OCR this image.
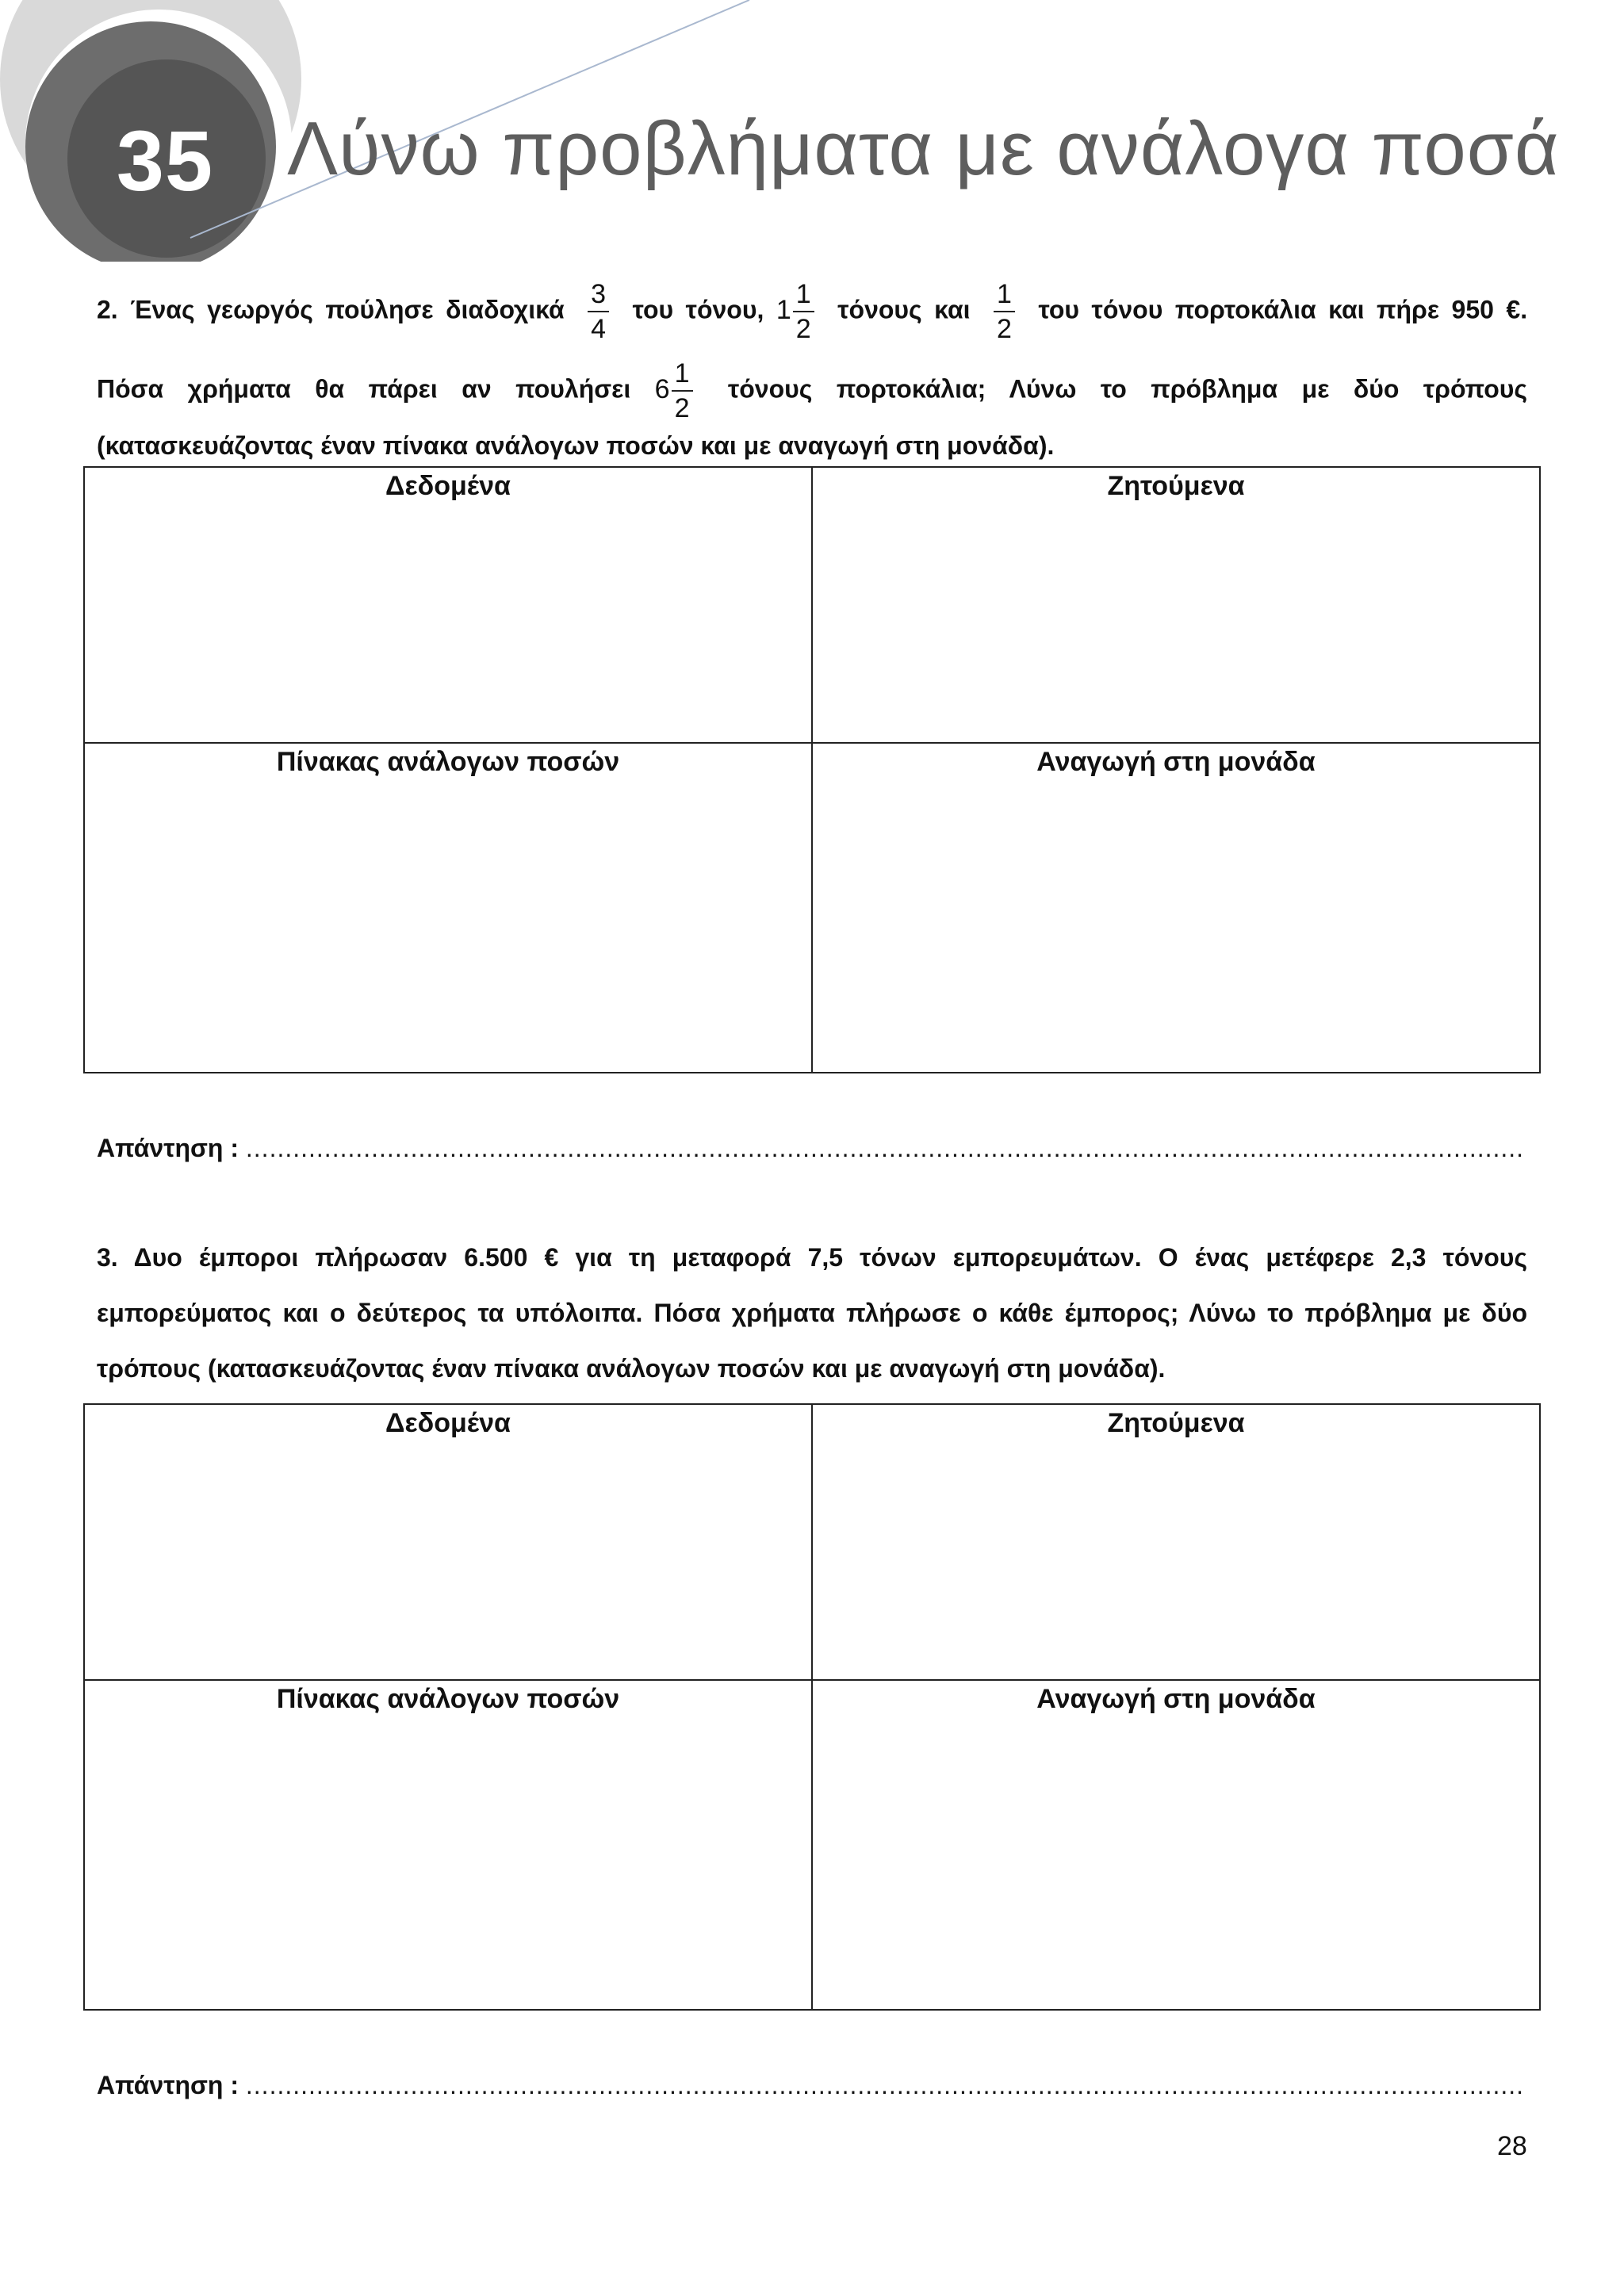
35 Λύνω προβλήματα με ανάλογα ποσά
2. Ένας γεωργός πούλησε διαδοχικά $\frac{3}{4}$ του τόνου, $1 \frac{1}{2}$ τόνους και $\frac{1}{2}$ του τόνου πορτοκάλια και πήρε 950 €.
Πόσα χρήματα θα πάρει αν πουλήσει $6 \frac{1}{2}$ τόνους πορτοκάλια; Λύνω το πρόβλημα με δύο τρόπους
(κατασκευάζοντας έναν πίνακα ανάλογων ποσών και με αναγωγή στη μονάδα).
Δεδομένα	Ζητούμενα
Πίνακας ανάλογων ποσών	Αναγωγή στη μονάδα
Απάντηση : ...................................................................................................................................................................
3. Δυο έμποροι πλήρωσαν 6.500 € για τη μεταφορά 7,5 τόνων εμπορευμάτων. Ο ένας μετέφερε 2,3 τόνους
εμπορεύματος και ο δεύτερος τα υπόλοιπα. Πόσα χρήματα πλήρωσε ο κάθε έμπορος; Λύνω το πρόβλημα με δύο
τρόπους (κατασκευάζοντας έναν πίνακα ανάλογων ποσών και με αναγωγή στη μονάδα).
Δεδομένα	Ζητούμενα
Πίνακας ανάλογων ποσών	Αναγωγή στη μονάδα
Απάντηση : ...................................................................................................................................................................
28
